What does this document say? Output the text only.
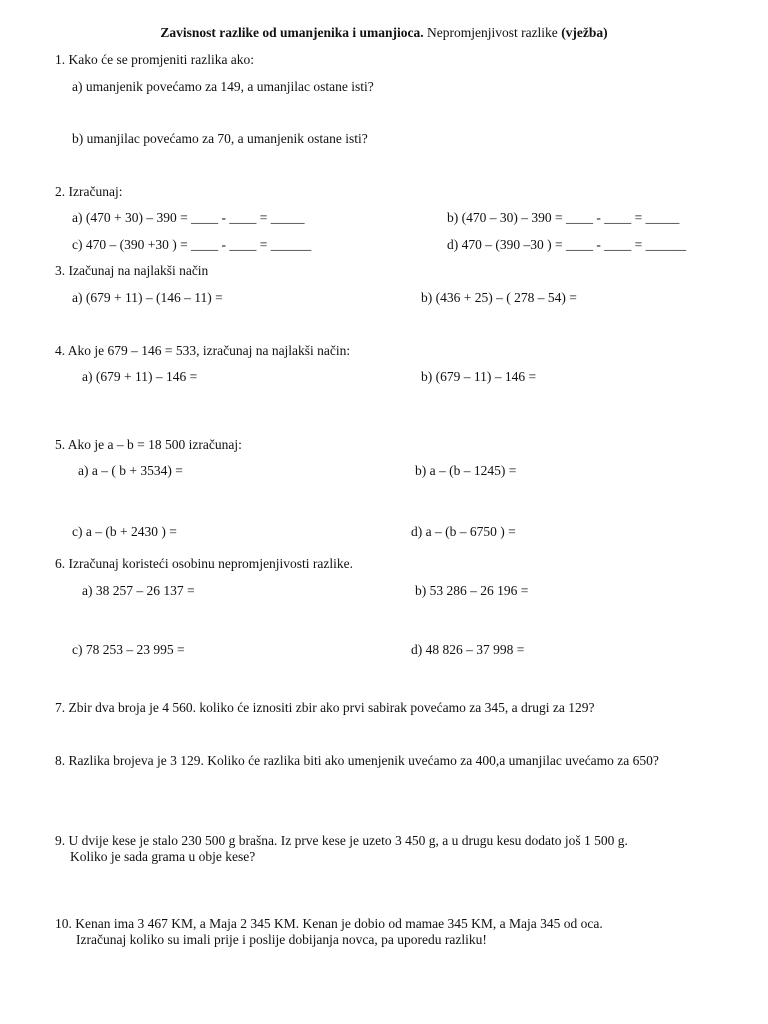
Zavisnost razlike od umanjenika i umanjioca. Nepromjenjivost razlike (vježba)
1. Kako će se promjeniti razlika ako:
a) umanjenik povećamo za 149, a umanjilac ostane isti?
b) umanjilac povećamo za 70, a umanjenik ostane isti?
2. Izračunaj:
a) (470 + 30) – 390 = ____ - ____ = _____	b) (470 – 30) – 390 = ____ - ____ = _____
c) 470 – (390 +30 ) = ____ - ____ = ______	d) 470 – (390 –30 ) = ____ - ____ = ______
3. Izačunaj na najlakši način
a) (679 + 11) – (146 – 11) =	b) (436 + 25) – ( 278 – 54) =
4. Ako je 679 – 146 = 533, izračunaj na najlakši način:
a) (679 + 11) – 146 =	b) (679 – 11) – 146 =
5. Ako je a – b = 18 500 izračunaj:
a) a – ( b + 3534) =	b) a – (b – 1245) =
c) a – (b + 2430 ) =	d) a – (b – 6750 ) =
6. Izračunaj koristeći osobinu nepromjenjivosti razlike.
a) 38 257 – 26 137 =	b) 53 286 – 26 196 =
c) 78 253 – 23 995 =	d) 48 826 – 37 998 =
7. Zbir dva broja je 4 560. koliko će iznositi zbir ako prvi sabirak povećamo za 345, a drugi za 129?
8. Razlika brojeva je 3 129. Koliko će razlika biti ako umenjenik uvećamo za 400,a umanjilac uvećamo za 650?
9. U dvije kese je stalo 230 500 g brašna. Iz prve kese je uzeto 3 450 g, a u drugu kesu dodato još 1 500 g.
Koliko je sada grama u obje kese?
10. Kenan ima 3 467 KM, a Maja 2 345 KM. Kenan je dobio od mamae 345 KM, a Maja 345 od oca.
Izračunaj koliko su imali prije i poslije dobijanja novca, pa uporedu razliku!
